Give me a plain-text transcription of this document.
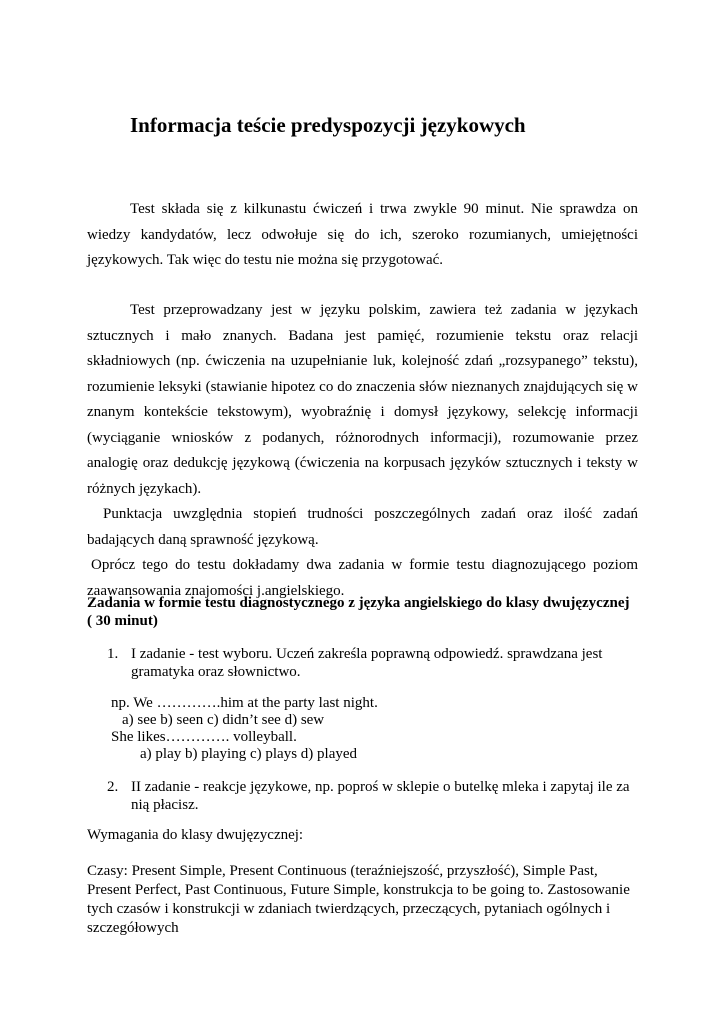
Informacja teście predyspozycji językowych

Test składa się z kilkunastu ćwiczeń i trwa zwykle 90 minut. Nie sprawdza on wiedzy kandydatów, lecz odwołuje się do ich, szeroko rozumianych, umiejętności językowych. Tak więc do testu nie można się przygotować.

Test przeprowadzany jest w języku polskim, zawiera też zadania w językach sztucznych i mało znanych. Badana jest pamięć, rozumienie tekstu oraz relacji składniowych (np. ćwiczenia na uzupełnianie luk, kolejność zdań „rozsypanego” tekstu), rozumienie leksyki (stawianie hipotez co do znaczenia słów nieznanych znajdujących się w znanym kontekście tekstowym), wyobraźnię i domysł językowy, selekcję informacji (wyciąganie wniosków z podanych, różnorodnych informacji), rozumowanie przez analogię oraz dedukcję językową (ćwiczenia na korpusach języków sztucznych i teksty w różnych językach).

Punktacja uwzględnia stopień trudności poszczególnych zadań oraz ilość zadań badających daną sprawność językową.

Oprócz tego do testu dokładamy dwa zadania w formie testu diagnozującego poziom zaawansowania znajomości j.angielskiego.

Zadania w formie testu diagnostycznego z języka angielskiego do klasy dwujęzycznej
( 30 minut)
1. I zadanie - test wyboru. Uczeń zakreśla poprawną odpowiedź. sprawdzana jest gramatyka oraz słownictwo.

np. We ………….him at the party last night.

a) see b) seen c) didn’t see d) sew

She likes…………. volleyball.

a) play b) playing c) plays d) played

2. II zadanie - reakcje językowe, np. poproś w sklepie o butelkę mleka i zapytaj ile za nią płacisz.

Wymagania do klasy dwujęzycznej:

Czasy: Present Simple, Present Continuous (teraźniejszość, przyszłość), Simple Past, Present Perfect, Past Continuous, Future Simple, konstrukcja to be going to. Zastosowanie tych czasów i konstrukcji w zdaniach twierdzących, przeczących, pytaniach ogólnych i szczegółowych
